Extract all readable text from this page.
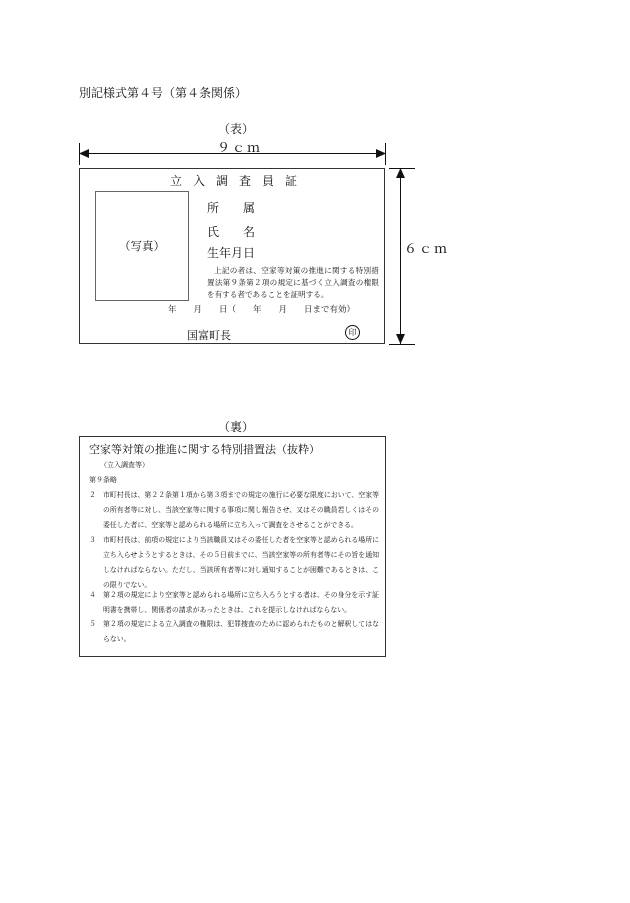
別記様式第４号（第４条関係）
（表）
９ｃｍ
６ｃｍ
立入調査員証
（写真）
所　　属
氏　　名
生年月日
上記の者は、空家等対策の推進に関する特別措置法第９条第２項の規定に基づく立入調査の権限を有する者であることを証明する。
年　　月　　日（　　年　　月　　日まで有効）
国富町長	印
（裏）
空家等対策の推進に関する特別措置法（抜粋）
（立入調査等）
第９条略
２	市町村長は、第２２条第１項から第３項までの規定の施行に必要な限度において、空家等の所有者等に対し、当該空家等に関する事項に関し報告させ、又はその職員若しくはその委任した者に、空家等と認められる場所に立ち入って調査をさせることができる。
３	市町村長は、前項の規定により当該職員又はその委任した者を空家等と認められる場所に立ち入らせようとするときは、その５日前までに、当該空家等の所有者等にその旨を通知しなければならない。ただし、当該所有者等に対し通知することが困難であるときは、この限りでない。
４	第２項の規定により空家等と認められる場所に立ち入ろうとする者は、その身分を示す証明書を携帯し、関係者の請求があったときは、これを提示しなければならない。
５	第２項の規定による立入調査の権限は、犯罪捜査のために認められたものと解釈してはならない。
